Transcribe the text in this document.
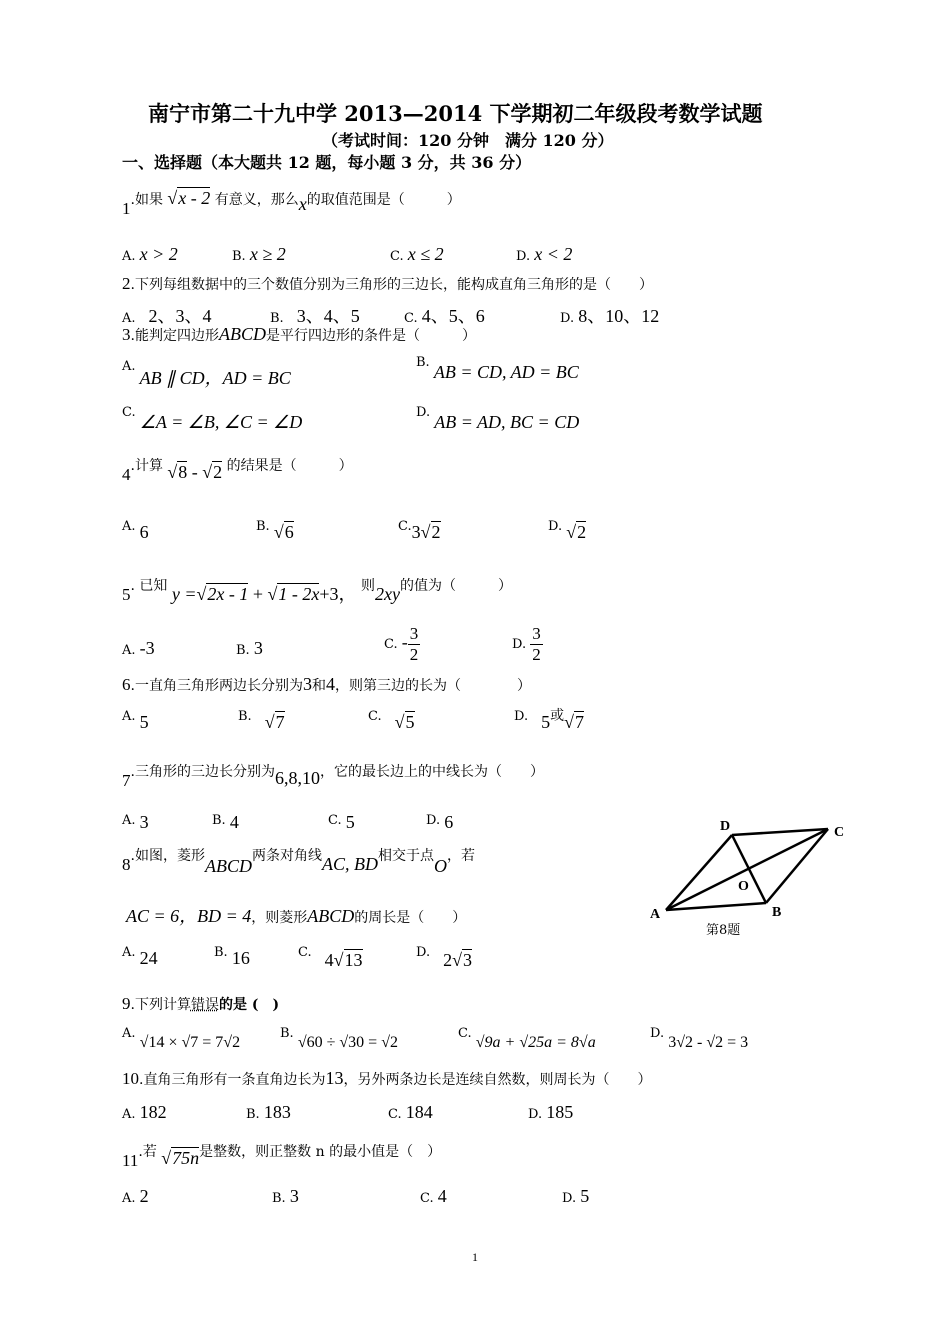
南宁市第二十九中学 2013—2014 下学期初二年级段考数学试题
（考试时间：120 分钟　满分 120 分）
一、选择题（本大题共 12 题，每小题 3 分，共 36 分）
1.如果 √x - 2 有意义，那么x的取值范围是（　　　）
A. x > 2	B. x ≥ 2	C. x ≤ 2	D. x < 2
2.下列每组数据中的三个数值分别为三角形的三边长，能构成直角三角形的是（　　）
A.　 2、3、4	B.　 3、4、5	C. 4、5、6	D. 8、10、12
3.能判定四边形ABCD是平行四边形的条件是（　　　）
A. AB ∥ CD，AD = BC
B. AB = CD, AD = BC
C. ∠A = ∠B, ∠C = ∠D	D. AB = AD, BC = CD
4.计算 √8 - √2 的结果是（　　　）
A. 6	B. √6	C.3√2	D. √2
5. 已知 y =√2x - 1 + √1 - 2x+3， 则2xy的值为（　　　）
A. -3	B. 3	C. - $\frac{3}{2}$	D. $\frac{3}{2}$
6.一直角三角形两边长分别为3和4，则第三边的长为（　　　　）
A. 5	B.　 √7	C.　 √5	D.　 5或√7
7.三角形的三边长分别为6,8,10，它的最长边上的中线长为（　　）
A. 3	B. 4	C. 5	D. 6
8.如图，菱形ABCD两条对角线AC, BD相交于点O，若
AC = 6，BD = 4，则菱形ABCD的周长是（　　）
A. 24	B. 16	C.　 4√13	D.　 2√3
D	C
O
A	B
第8题
9.下列计算错误的是 (　)
A. √14 × √7 = 7√2
B. √60 ÷ √30 = √2
C. √9a + √25a = 8√a
D. 3√2 - √2 = 3
10.直角三角形有一条直角边长为13，另外两条边长是连续自然数，则周长为（　　）
A. 182	B. 183	C. 184	D. 185
11.若 √75n是整数，则正整数 n 的最小值是（　）
A. 2	B. 3	C. 4	D. 5
1
